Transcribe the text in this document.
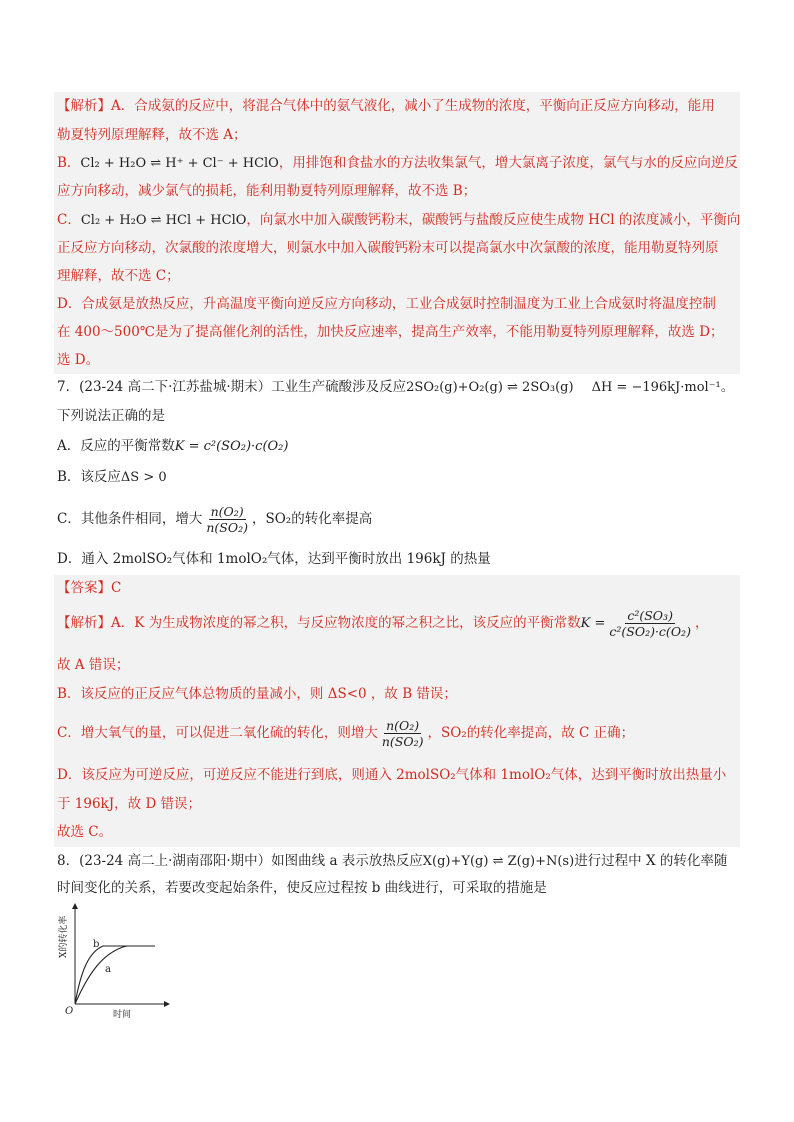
【解析】A．合成氨的反应中，将混合气体中的氨气液化，减小了生成物的浓度，平衡向正反应方向移动，能用
勒夏特列原理解释，故不选 A；
B．Cl₂ + H₂O ⇌ H⁺ + Cl⁻ + HClO，用排饱和食盐水的方法收集氯气，增大氯离子浓度，氯气与水的反应向逆反
应方向移动，减少氯气的损耗，能利用勒夏特列原理解释，故不选 B；
C．Cl₂ + H₂O ⇌ HCl + HClO，向氯水中加入碳酸钙粉末，碳酸钙与盐酸反应使生成物 HCl 的浓度减小，平衡向
正反应方向移动，次氯酸的浓度增大，则氯水中加入碳酸钙粉末可以提高氯水中次氯酸的浓度，能用勒夏特列原
理解释，故不选 C；
D．合成氨是放热反应，升高温度平衡向逆反应方向移动，工业合成氨时控制温度为工业上合成氨时将温度控制
在 400～500℃是为了提高催化剂的活性，加快反应速率，提高生产效率，不能用勒夏特列原理解释，故选 D；
选 D。
7．(23-24 高二下·江苏盐城·期末）工业生产硫酸涉及反应2SO₂(g)+O₂(g) ⇌ 2SO₃(g) ΔH = −196kJ·mol⁻¹。
下列说法正确的是
A．反应的平衡常数K = c²(SO₂)·c(O₂)
B．该反应ΔS > 0
C．其他条件相同，增大 $\frac{\text{n(O₂)}}{\text{n(SO₂)}}$ ，SO₂的转化率提高
D．通入 2molSO₂气体和 1molO₂气体，达到平衡时放出 196kJ 的热量
【答案】C
【解析】A．K 为生成物浓度的幂之积，与反应物浓度的幂之积之比，该反应的平衡常数$K = \frac{\text{c²(SO₃)}}{\text{c²(SO₂)·c(O₂)}}$ ，
故 A 错误；
B．该反应的正反应气体总物质的量减小，则 ΔS<0 ，故 B 错误；
C．增大氧气的量，可以促进二氧化硫的转化，则增大 $\frac{\text{n(O₂)}}{\text{n(SO₂)}}$ ，SO₂的转化率提高，故 C 正确；
D．该反应为可逆反应，可逆反应不能进行到底，则通入 2molSO₂气体和 1molO₂气体，达到平衡时放出热量小
于 196kJ，故 D 错误；
故选 C。
8．(23-24 高二上·湖南邵阳·期中）如图曲线 a 表示放热反应X(g)+Y(g) ⇌ Z(g)+N(s)进行过程中 X 的转化率随
时间变化的关系，若要改变起始条件，使反应过程按 b 曲线进行，可采取的措施是
b
a
O	时间
X的转化率
